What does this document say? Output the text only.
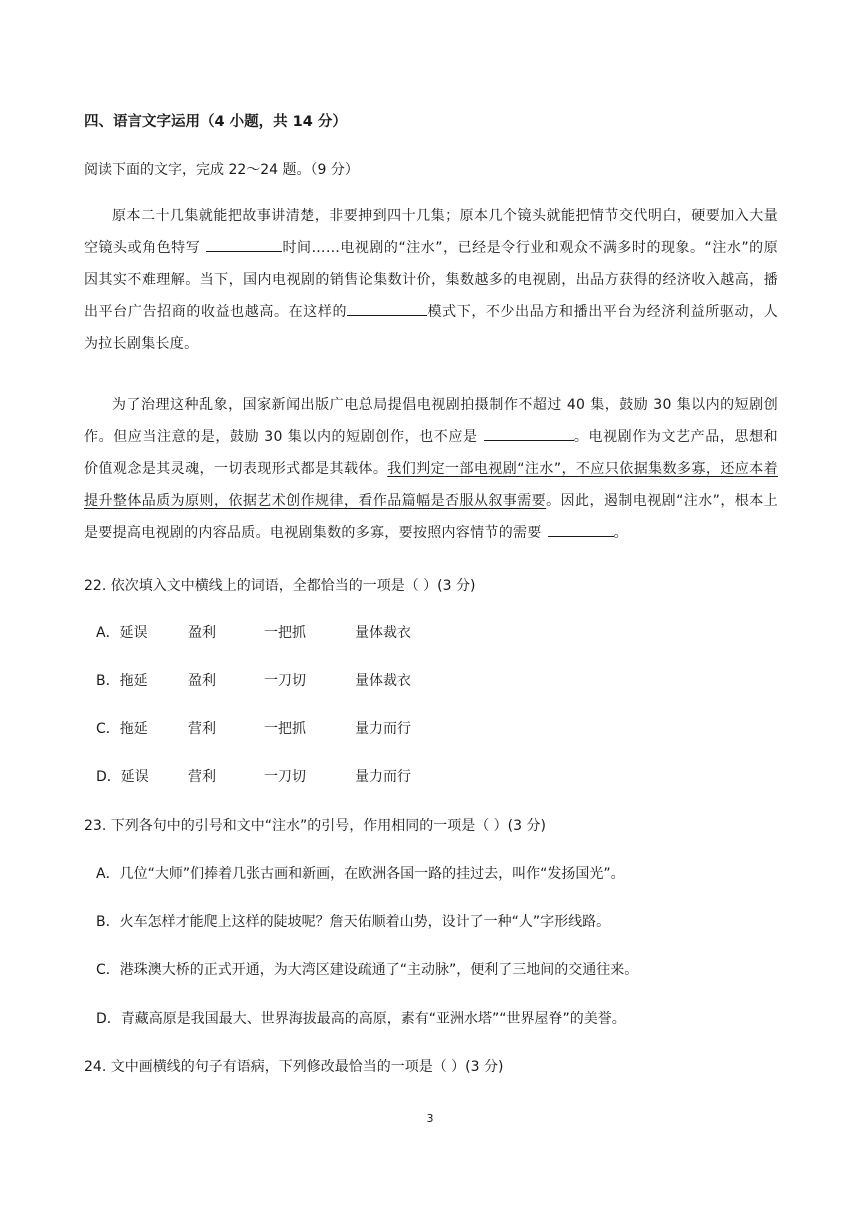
四、语言文字运用（4 小题，共 14 分）
阅读下面的文字，完成 22～24 题。（9 分）
原本二十几集就能把故事讲清楚，非要抻到四十几集；原本几个镜头就能把情节交代明白，硬要加入大量空镜头或角色特写	时间……电视剧的“注水”，已经是令行业和观众不满多时的现象。“注水”的原因其实不难理解。当下，国内电视剧的销售论集数计价，集数越多的电视剧，出品方获得的经济收入越高，播出平台广告招商的收益也越高。在这样的	模式下，不少出品方和播出平台为经济利益所驱动，人为拉长剧集长度。
为了治理这种乱象，国家新闻出版广电总局提倡电视剧拍摄制作不超过 40 集，鼓励 30 集以内的短剧创作。但应当注意的是，鼓励 30 集以内的短剧创作，也不应是	。电视剧作为文艺产品，思想和价值观念是其灵魂，一切表现形式都是其载体。我们判定一部电视剧“注水”，不应只依据集数多寡，还应本着提升整体品质为原则，依据艺术创作规律，看作品篇幅是否服从叙事需要。因此，遏制电视剧“注水”，根本上是要提高电视剧的内容品质。电视剧集数的多寡，要按照内容情节的需要	。
22. 依次填入文中横线上的词语，全都恰当的一项是（ ）(3 分)
A．延误	盈利	一把抓	量体裁衣
B．拖延	盈利	一刀切	量体裁衣
C．拖延	营利	一把抓	量力而行
D．延误	营利	一刀切	量力而行
23. 下列各句中的引号和文中“注水”的引号，作用相同的一项是（ ）(3 分)
A．几位“大师”们捧着几张古画和新画，在欧洲各国一路的挂过去，叫作“发扬国光”。
B．火车怎样才能爬上这样的陡坡呢？詹天佑顺着山势，设计了一种“人”字形线路。
C．港珠澳大桥的正式开通，为大湾区建设疏通了“主动脉”，便利了三地间的交通往来。
D．青藏高原是我国最大、世界海拔最高的高原，素有“亚洲水塔”“世界屋脊”的美誉。
24. 文中画横线的句子有语病，下列修改最恰当的一项是（ ）(3 分)
3
